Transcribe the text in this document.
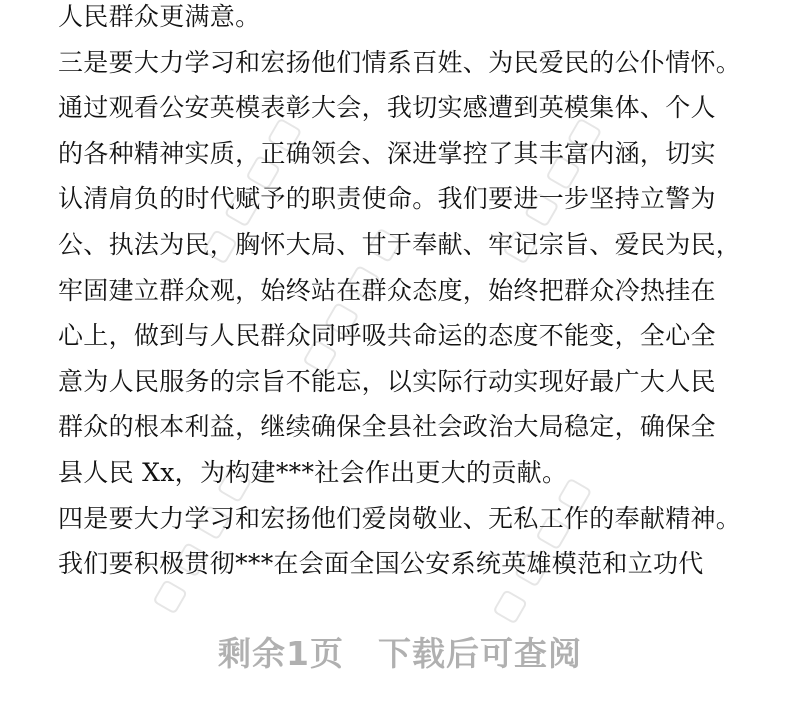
▢ ▢ ▢ ▢	▢ ▢ ▢ ▢
▢ ▢ ▢ ▢
▢ ▢ ▢ ▢	▢ ▢ ▢ ▢
人民群众更满意。
三是要大力学习和宏扬他们情系百姓、为民爱民的公仆情怀。
通过观看公安英模表彰大会，我切实感遭到英模集体、个人
的各种精神实质，正确领会、深进掌控了其丰富内涵，切实
认清肩负的时代赋予的职责使命。我们要进一步坚持立警为
公、执法为民，胸怀大局、甘于奉献、牢记宗旨、爱民为民，
牢固建立群众观，始终站在群众态度，始终把群众冷热挂在
心上，做到与人民群众同呼吸共命运的态度不能变，全心全
意为人民服务的宗旨不能忘，以实际行动实现好最广大人民
群众的根本利益，继续确保全县社会政治大局稳定，确保全
县人民 Xx，为构建***社会作出更大的贡献。
四是要大力学习和宏扬他们爱岗敬业、无私工作的奉献精神。
我们要积极贯彻***在会面全国公安系统英雄模范和立功代
剩余1页 下载后可查阅
